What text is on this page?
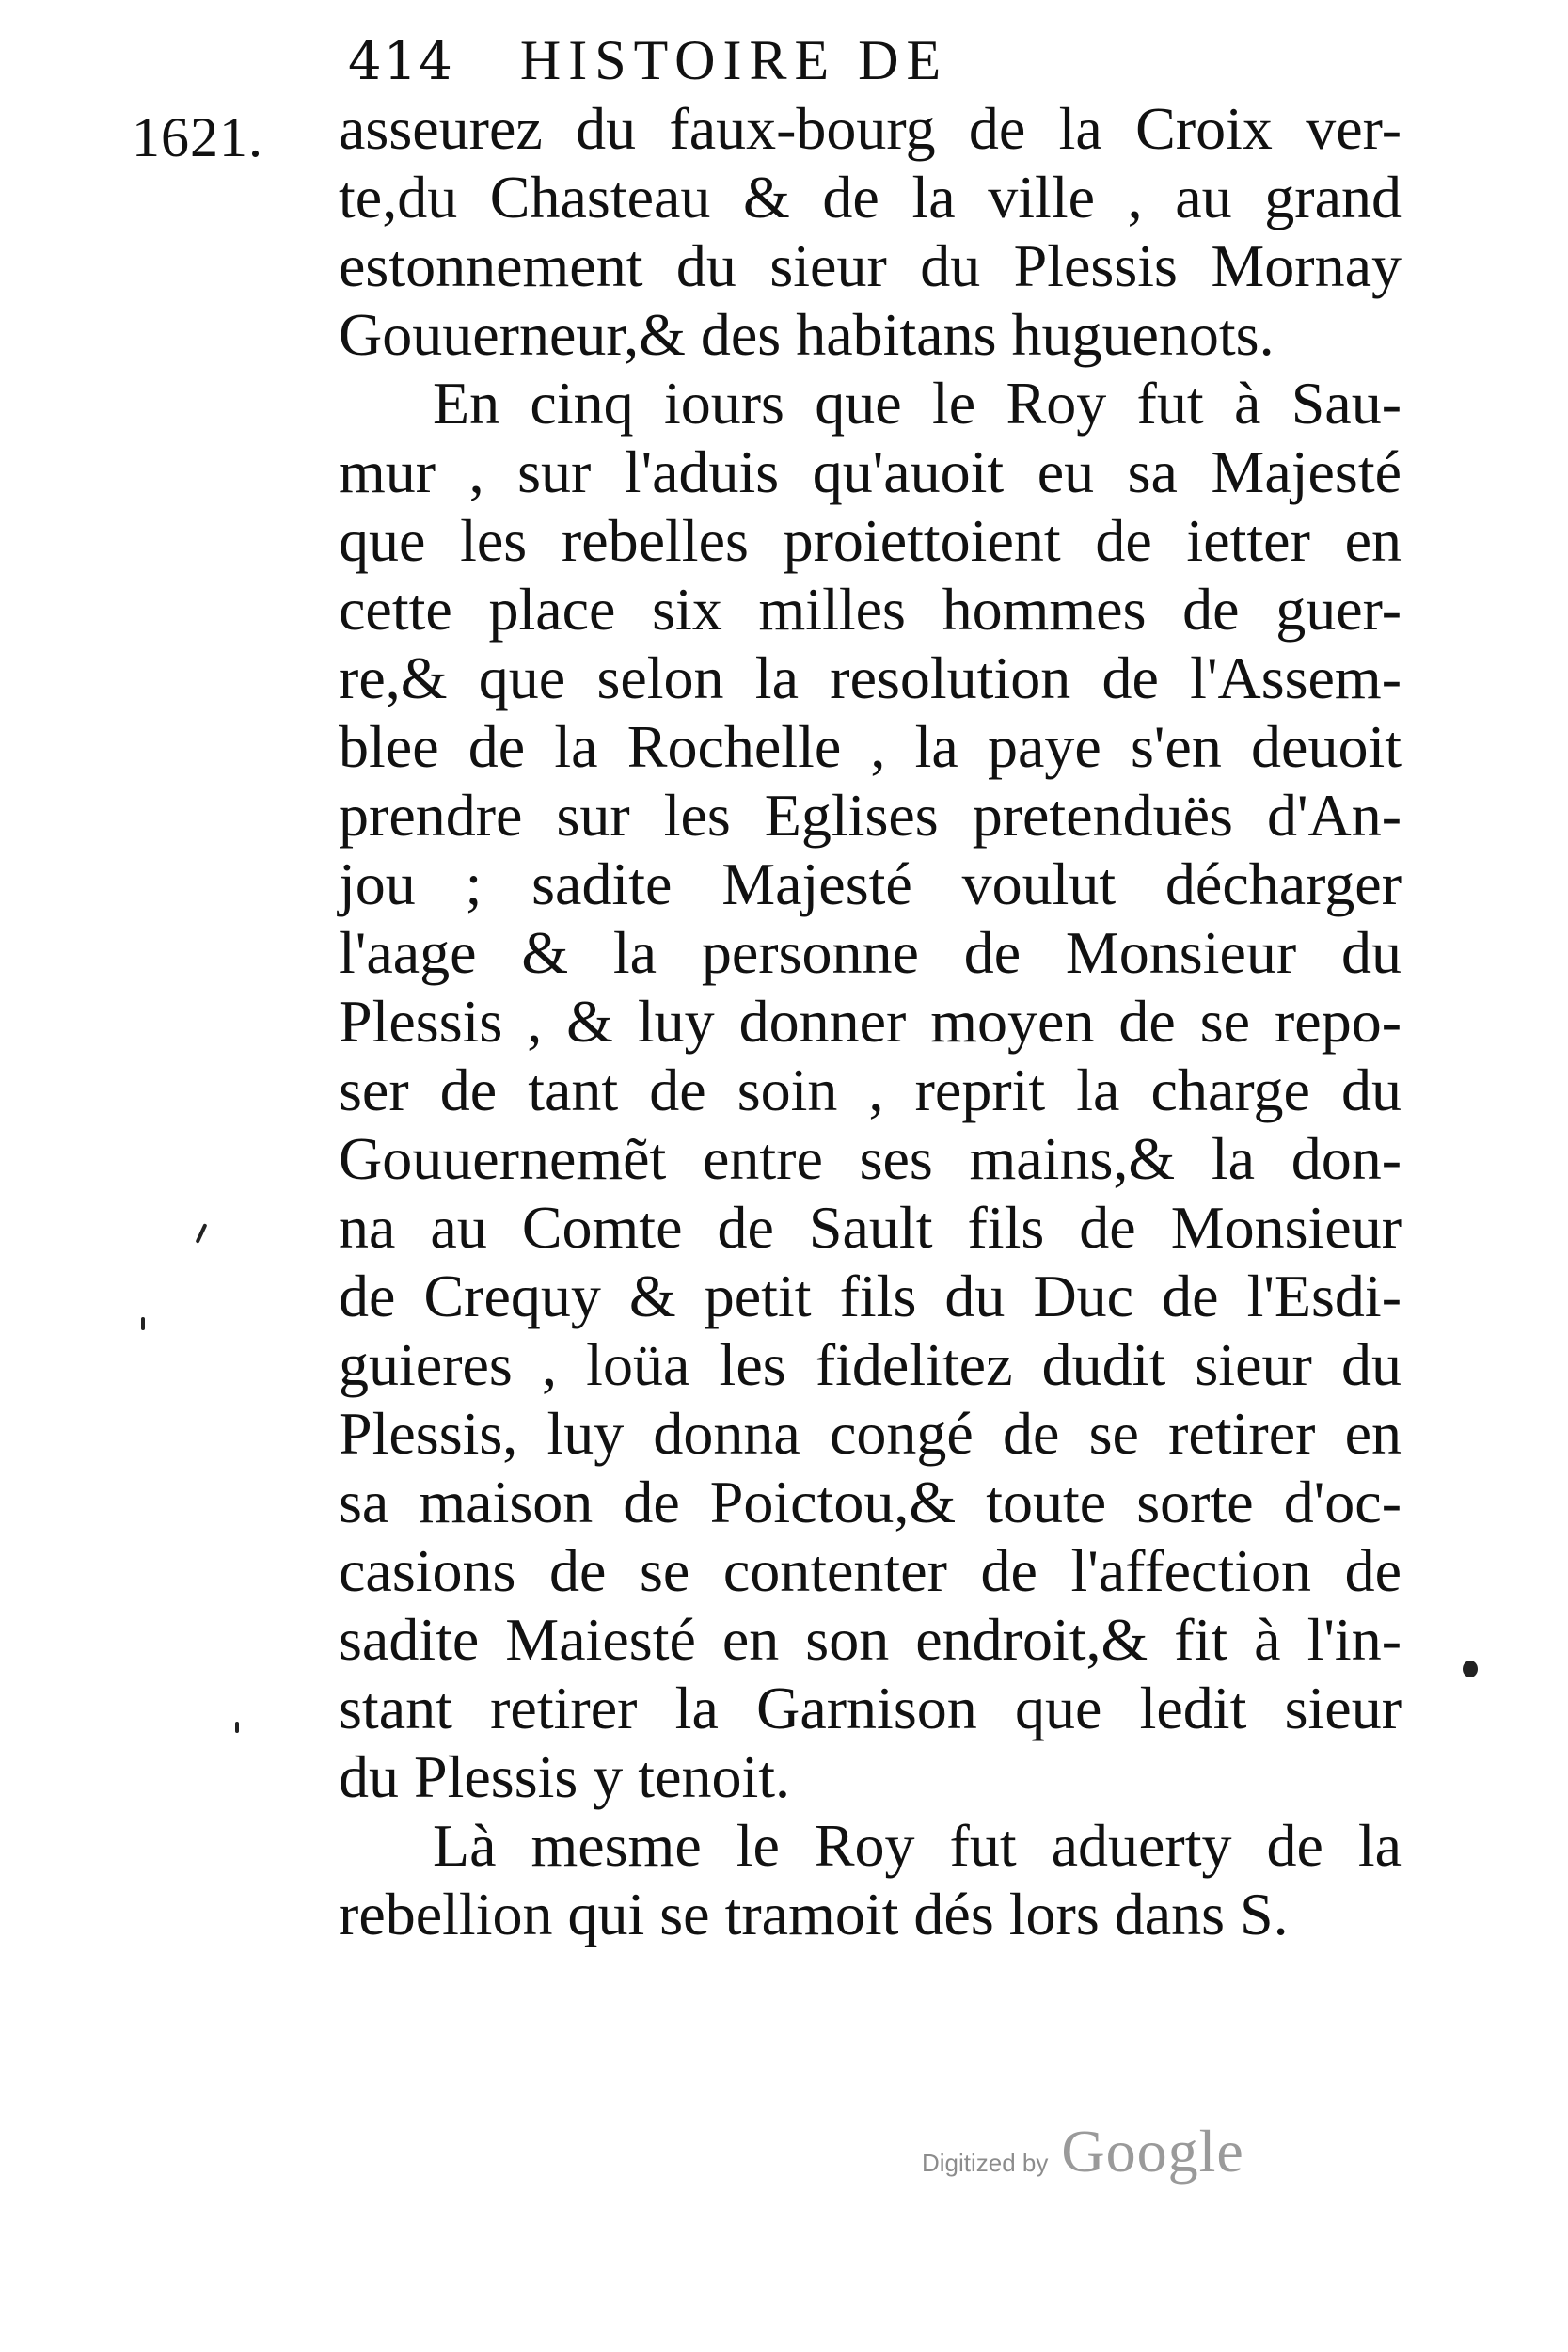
414 HISTOIRE DE
1621. asseurez du faux-bourg de la Croix ver-
te,du Chasteau & de la ville , au grand
estonnement du sieur du Plessis Mornay
Gouuerneur,& des habitans huguenots.
En cinq iours que le Roy fut à Sau-
mur , sur l'aduis qu'auoit eu sa Majesté
que les rebelles proiettoient de ietter en
cette place six milles hommes de guer-
re,& que selon la resolution de l'Assem-
blee de la Rochelle , la paye s'en deuoit
prendre sur les Eglises pretenduës d'An-
jou ; sadite Majesté voulut décharger
l'aage & la personne de Monsieur du
Plessis , & luy donner moyen de se repo-
ser de tant de soin , reprit la charge du
Gouuernemẽt entre ses mains,& la don-
na au Comte de Sault fils de Monsieur
de Crequy & petit fils du Duc de l'Esdi-
guieres , loüa les fidelitez dudit sieur du
Plessis, luy donna congé de se retirer en
sa maison de Poictou,& toute sorte d'oc-
casions de se contenter de l'affection de
sadite Maiesté en son endroit,& fit à l'in-
stant retirer la Garnison que ledit sieur
du Plessis y tenoit.
Là mesme le Roy fut aduerty de la
rebellion qui se tramoit dés lors dans S.
Digitized by Google
